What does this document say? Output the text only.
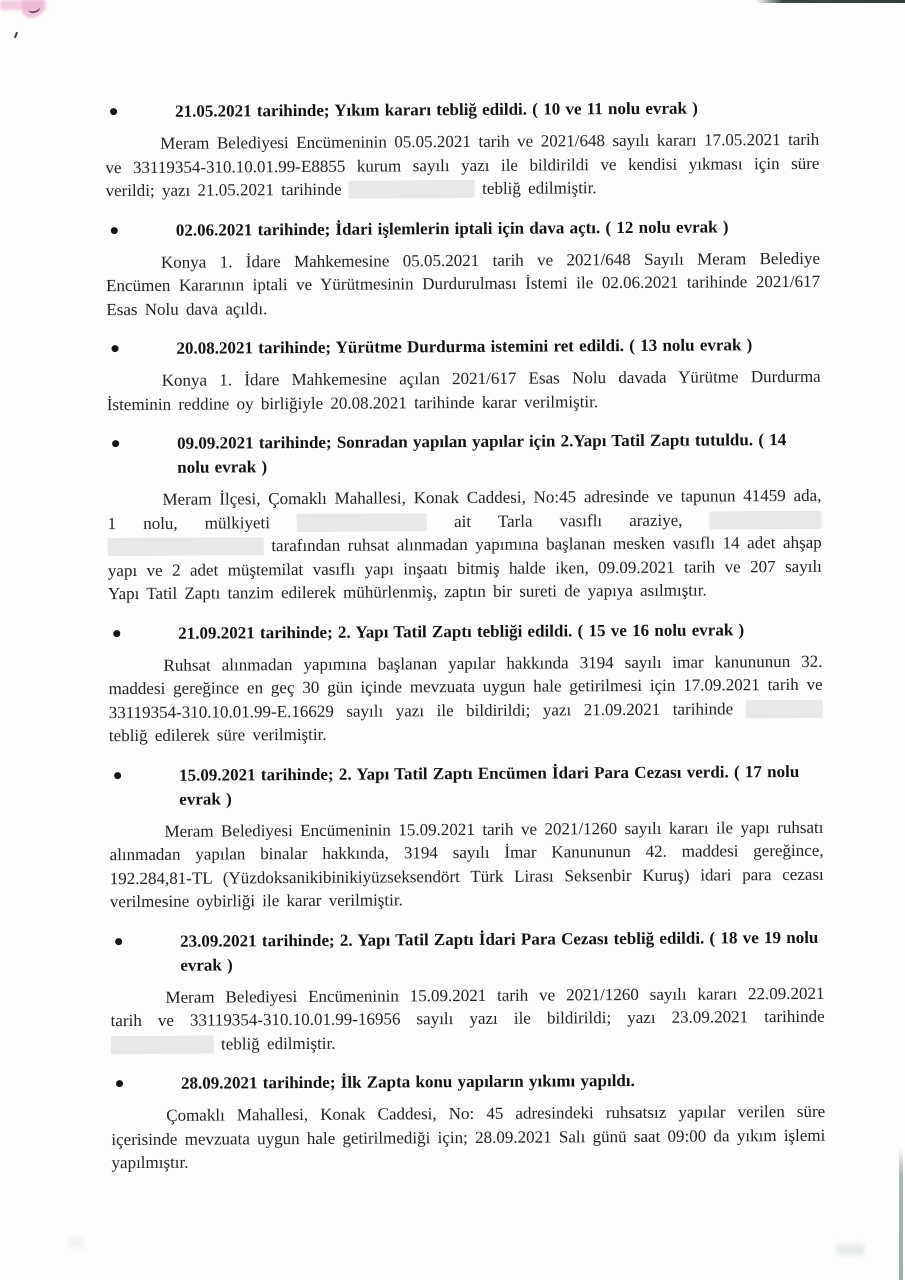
21.05.2021 tarihinde; Yıkım kararı tebliğ edildi. ( 10 ve 11 nolu evrak )

Meram Belediyesi Encümeninin 05.05.2021 tarih ve 2021/648 sayılı kararı 17.05.2021 tarih ve 33119354-310.10.01.99-E8855 kurum sayılı yazı ile bildirildi ve kendisi yıkması için süre verildi; yazı 21.05.2021 tarihinde	tebliğ edilmiştir.

02.06.2021 tarihinde; İdari işlemlerin iptali için dava açtı. ( 12 nolu evrak )

Konya 1. İdare Mahkemesine 05.05.2021 tarih ve 2021/648 Sayılı Meram Belediye Encümen Kararının iptali ve Yürütmesinin Durdurulması İstemi ile 02.06.2021 tarihinde 2021/617 Esas Nolu dava açıldı.

20.08.2021 tarihinde; Yürütme Durdurma istemini ret edildi. ( 13 nolu evrak )

Konya 1. İdare Mahkemesine açılan 2021/617 Esas Nolu davada Yürütme Durdurma İsteminin reddine oy birliğiyle 20.08.2021 tarihinde karar verilmiştir.

09.09.2021 tarihinde; Sonradan yapılan yapılar için 2.Yapı Tatil Zaptı tutuldu. ( 14 nolu evrak )

Meram İlçesi, Çomaklı Mahallesi, Konak Caddesi, No:45 adresinde ve tapunun 41459 ada, 1 nolu, mülkiyeti	ait Tarla vasıflı araziye,   tarafından ruhsat alınmadan yapımına başlanan mesken vasıflı 14 adet ahşap yapı ve 2 adet müştemilat vasıflı yapı inşaatı bitmiş halde iken, 09.09.2021 tarih ve 207 sayılı Yapı Tatil Zaptı tanzim edilerek mühürlenmiş, zaptın bir sureti de yapıya asılmıştır.

21.09.2021 tarihinde; 2. Yapı Tatil Zaptı tebliği edildi. ( 15 ve 16 nolu evrak )

Ruhsat alınmadan yapımına başlanan yapılar hakkında 3194 sayılı imar kanununun 32. maddesi gereğince en geç 30 gün içinde mevzuata uygun hale getirilmesi için 17.09.2021 tarih ve 33119354-310.10.01.99-E.16629 sayılı yazı ile bildirildi; yazı 21.09.2021 tarihinde  tebliğ edilerek süre verilmiştir.

15.09.2021 tarihinde; 2. Yapı Tatil Zaptı Encümen İdari Para Cezası verdi. ( 17 nolu evrak )

Meram Belediyesi Encümeninin 15.09.2021 tarih ve 2021/1260 sayılı kararı ile yapı ruhsatı alınmadan yapılan binalar hakkında, 3194 sayılı İmar Kanununun 42. maddesi gereğince, 192.284,81-TL (Yüzdoksanikibinikiyüzseksendört Türk Lirası Seksenbir Kuruş) idari para cezası verilmesine oybirliği ile karar verilmiştir.

23.09.2021 tarihinde; 2. Yapı Tatil Zaptı İdari Para Cezası tebliğ edildi. ( 18 ve 19 nolu evrak )

Meram Belediyesi Encümeninin 15.09.2021 tarih ve 2021/1260 sayılı kararı 22.09.2021 tarih ve 33119354-310.10.01.99-16956 sayılı yazı ile bildirildi; yazı 23.09.2021 tarihinde  tebliğ edilmiştir.

28.09.2021 tarihinde; İlk Zapta konu yapıların yıkımı yapıldı.

Çomaklı Mahallesi, Konak Caddesi, No: 45 adresindeki ruhsatsız yapılar verilen süre içerisinde mevzuata uygun hale getirilmediği için; 28.09.2021 Salı günü saat 09:00 da yıkım işlemi yapılmıştır.
